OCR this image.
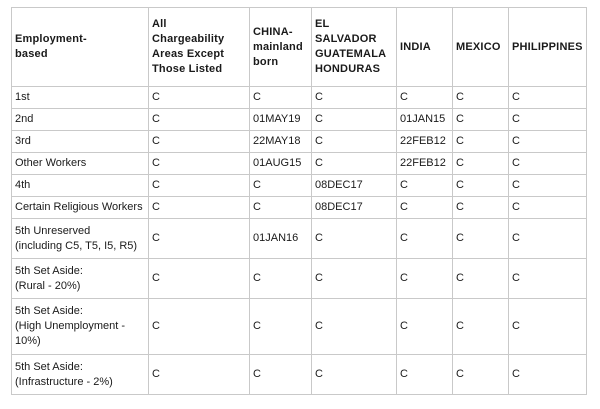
Employment-
based	All
Chargeability
Areas Except
Those Listed	CHINA-
mainland
born	EL
SALVADOR
GUATEMALA
HONDURAS	INDIA	MEXICO	PHILIPPINES
1st	C	C	C	C	C	C
2nd	C	01MAY19	C	01JAN15	C	C
3rd	C	22MAY18	C	22FEB12	C	C
Other Workers	C	01AUG15	C	22FEB12	C	C
4th	C	C	08DEC17	C	C	C
Certain Religious Workers	C	C	08DEC17	C	C	C
5th Unreserved
(including C5, T5, I5, R5)	C	01JAN16	C	C	C	C
5th Set Aside:
(Rural - 20%)	C	C	C	C	C	C
5th Set Aside:
(High Unemployment -
10%)	C	C	C	C	C	C
5th Set Aside:
(Infrastructure - 2%)	C	C	C	C	C	C
